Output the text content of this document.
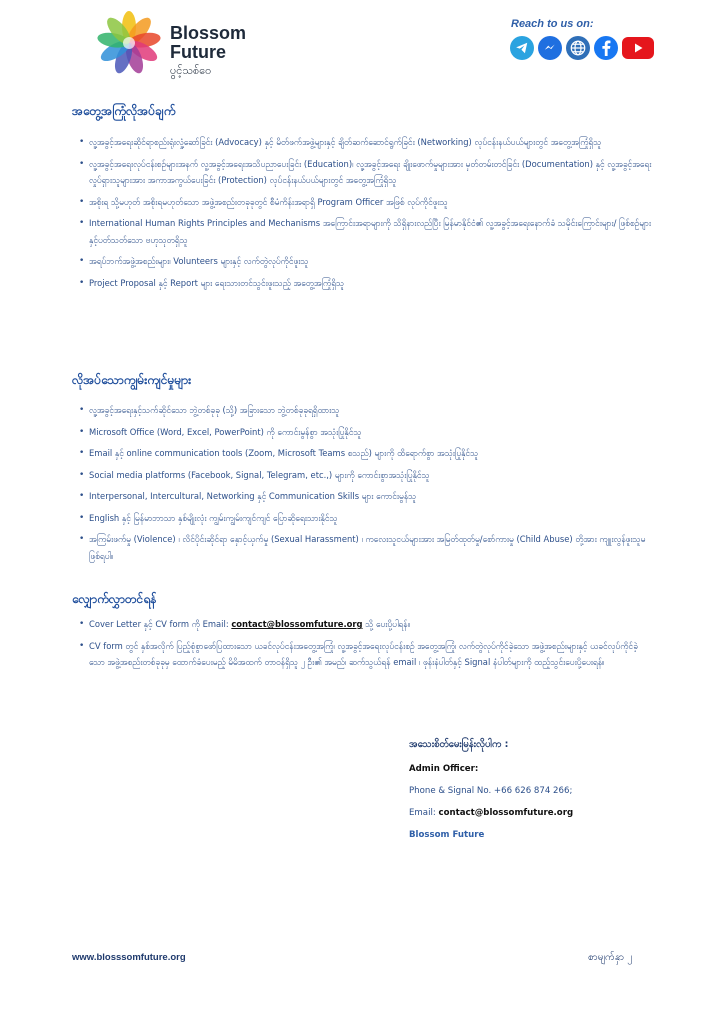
Blossom
Future
ပွင့်သစ်ဝေ
Reach to us on:
အတွေ့အကြုံလိုအပ်ချက်
• လူ့အခွင့်အရေးဆိုင်ရာစည်းရုံးလှုံ့ဆော်ခြင်း (Advocacy) နှင့် မိတ်ဖက်အဖွဲ့များနှင့် ချိတ်ဆက်ဆောင်ရွက်ခြင်း (Networking) လုပ်ငန်းနယ်ပယ်များတွင် အတွေ့အကြုံရှိသူ
• လူ့အခွင့်အရေးလုပ်ငန်းစဉ်များအနက် လူ့အခွင့်အရေးအသိပညာပေးခြင်း (Education)၊ လူ့အခွင့်အရေး ချိုးဖောက်မှုများအား မှတ်တမ်းတင်ခြင်း (Documentation) နှင့် လူ့အခွင့်အရေး လှုပ်ရှားသူများအား အကာအကွယ်ပေးခြင်း (Protection) လုပ်ငန်းနယ်ပယ်များတွင် အတွေ့အကြုံရှိသူ
• အစိုးရ သို့မဟုတ် အစိုးရမဟုတ်သော အဖွဲ့အစည်းတခုခုတွင် စီမံကိန်းအရာရှိ Program Officer အဖြစ် လုပ်ကိုင်ဖူးသူ
• International Human Rights Principles and Mechanisms အကြောင်းအရာများကို သိရှိနားလည်ပြီး မြန်မာနိုင်ငံ၏ လူ့အခွင့်အရေးနောက်ခံ သမိုင်းကြောင်းများ/ ဖြစ်စဉ်များနှင့်ပတ်သတ်သော ဗဟုသုတရှိသူ
• အရပ်ဘက်အဖွဲ့အစည်းများ၊ Volunteers များနှင့် လက်တွဲလုပ်ကိုင်ဖူးသူ
• Project Proposal နှင့် Report များ ရေးသားတင်သွင်းဖူးသည့် အတွေ့အကြုံရှိသူ
လိုအပ်သောကျွမ်းကျင်မှုများ
• လူ့အခွင့်အရေးနှင့်သက်ဆိုင်သော ဘွဲ့တစ်ခုခု (သို့) အခြားသော ဘွဲ့တစ်ခုခုရရှိထားသူ
• Microsoft Office (Word, Excel, PowerPoint) ကို ကောင်းမွန်စွာ အသုံးပြုနိုင်သူ
• Email နှင့် online communication tools (Zoom, Microsoft Teams စသည်) များကို ထိရောက်စွာ အသုံးပြုနိုင်သူ
• Social media platforms (Facebook, Signal, Telegram, etc.,) များကို ကောင်းစွာအသုံးပြုနိုင်သူ
• Interpersonal, Intercultural, Networking နှင့် Communication Skills များ ကောင်းမွန်သူ
• English နှင့် မြန်မာဘာသာ နှစ်မျိုးလုံး ကျွမ်းကျွမ်းကျင်ကျင် ပြောဆိုရေးသားနိုင်သူ
• အကြမ်းဖက်မှု (Violence) ၊ လိင်ပိုင်းဆိုင်ရာ နှောင့်ယှက်မှု (Sexual Harassment) ၊ ကလေးသူငယ်များအား အမြတ်ထုတ်မှု/စော်ကားမှု (Child Abuse) တို့အား ကျူးလွန်ဖူးသူမဖြစ်ရပါ။
လျှောက်လွှာတင်ရန်
• Cover Letter နှင့် CV form ကို Email: contact@blossomfuture.org သို့ ပေးပို့ပါရန်။
• CV form တွင် နှစ်အလိုက် ပြည့်စုံစွာဖော်ပြထားသော ယခင်လုပ်ငန်းအတွေ့အကြုံ၊ လူ့အခွင့်အရေးလုပ်ငန်းစဉ် အတွေ့အကြုံ၊ လက်တွဲလုပ်ကိုင်ခဲ့သော အဖွဲ့အစည်းများနှင့် ယခင်လုပ်ကိုင်ခဲ့သော အဖွဲ့အစည်းတစ်ခုခုမှ ထောက်ခံပေးမည့် မိမိအထက် တာဝန်ရှိသူ ၂ ဦး၏ အမည်၊ ဆက်သွယ်ရန် email ၊ ဖုန်းနံပါတ်နှင့် Signal နံပါတ်များကို ထည့်သွင်းပေးပို့ပေးရန်။
အသေးစိတ်မေးမြန်းလိုပါက :
Admin Officer:
Phone & Signal No. +66 626 874 266;
Email: contact@blossomfuture.org
Blossom Future
www.blosssomfuture.org	စာမျက်နှာ ၂
